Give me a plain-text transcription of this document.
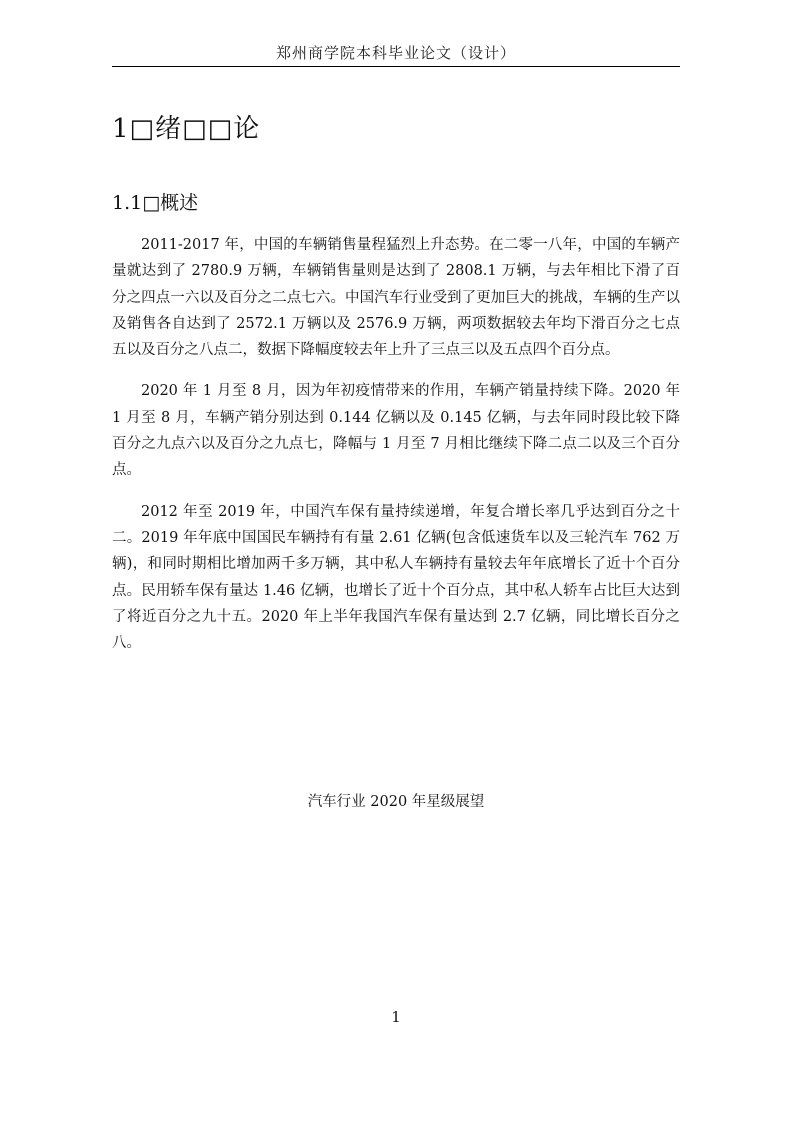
郑州商学院本科毕业论文（设计）
1□绪□□论
1.1□概述

2011-2017 年，中国的车辆销售量程猛烈上升态势。在二零一八年，中国的车辆产量就达到了 2780.9 万辆，车辆销售量则是达到了 2808.1 万辆，与去年相比下滑了百分之四点一六以及百分之二点七六。中国汽车行业受到了更加巨大的挑战，车辆的生产以及销售各自达到了 2572.1 万辆以及 2576.9 万辆，两项数据较去年均下滑百分之七点五以及百分之八点二，数据下降幅度较去年上升了三点三以及五点四个百分点。

2020 年 1 月至 8 月，因为年初疫情带来的作用，车辆产销量持续下降。2020 年 1 月至 8 月，车辆产销分别达到 0.144 亿辆以及 0.145 亿辆，与去年同时段比较下降百分之九点六以及百分之九点七，降幅与 1 月至 7 月相比继续下降二点二以及三个百分点。

2012 年至 2019 年，中国汽车保有量持续递增，年复合增长率几乎达到百分之十二。2019 年年底中国国民车辆持有有量 2.61 亿辆(包含低速货车以及三轮汽车 762 万辆)，和同时期相比增加两千多万辆，其中私人车辆持有量较去年年底增长了近十个百分点。民用轿车保有量达 1.46 亿辆，也增长了近十个百分点，其中私人轿车占比巨大达到了将近百分之九十五。2020 年上半年我国汽车保有量达到 2.7 亿辆，同比增长百分之八。

汽车行业 2020 年星级展望
1
